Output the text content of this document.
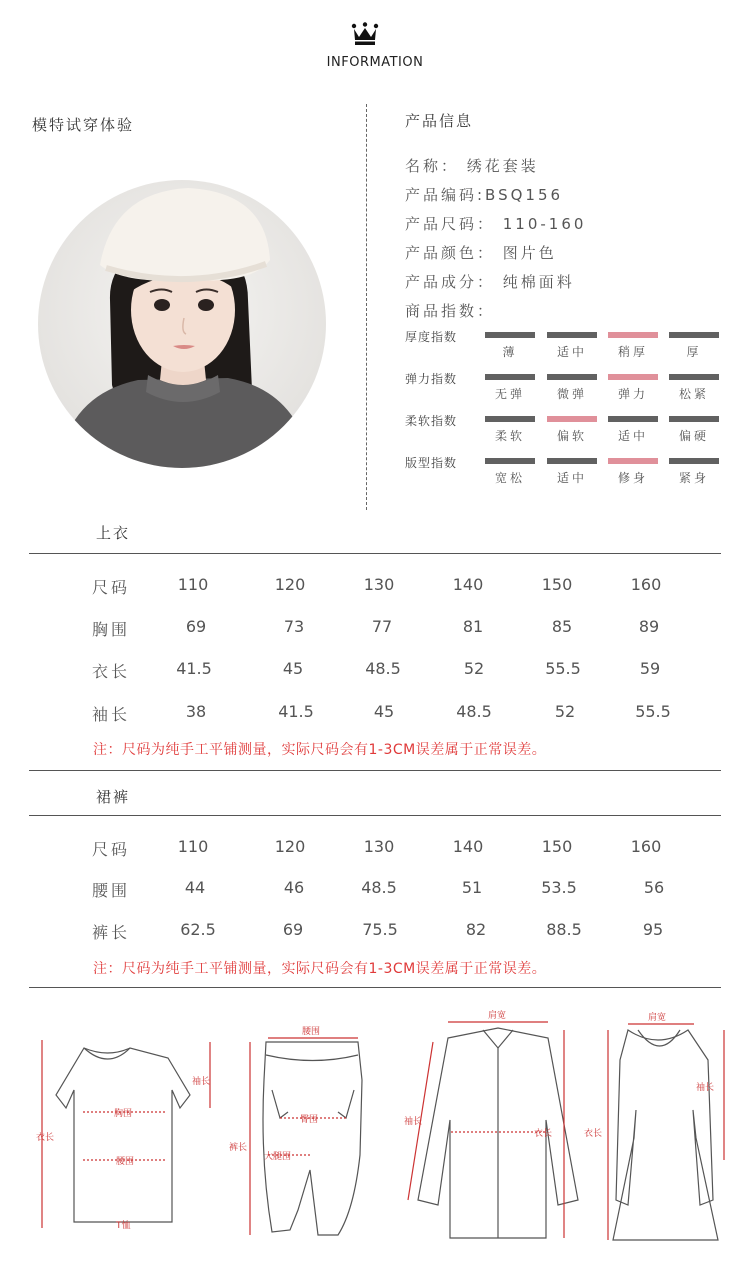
INFORMATION
模特试穿体验	产品信息
名称： 绣花套装
产品编码:BSQ156
产品尺码： 110-160
产品颜色： 图片色
产品成分： 纯棉面料
商品指数：
厚度指数
薄	适中	稍厚	厚
弹力指数
无弹	微弹	弹力	松紧
柔软指数
柔软	偏软	适中	偏硬
版型指数
宽松	适中	修身	紧身
上衣
尺码	110	120	130	140	150	160
胸围	69	73	77	81	85	89
衣长	41.5	45	48.5	52	55.5	59
袖长	38	41.5	45	48.5	52	55.5
注：尺码为纯手工平铺测量，实际尺码会有1-3CM误差属于正常误差。
裙裤
尺码	110	120	130	140	150	160
腰围	44	46	48.5	51	53.5	56
裤长	62.5	69	75.5	82	88.5	95
注：尺码为纯手工平铺测量，实际尺码会有1-3CM误差属于正常误差。
胸围
腰围
衣长
袖长
T恤
腰围
臀围
大腿围
裤长
肩宽
袖长
衣长
肩宽
衣长
袖长
